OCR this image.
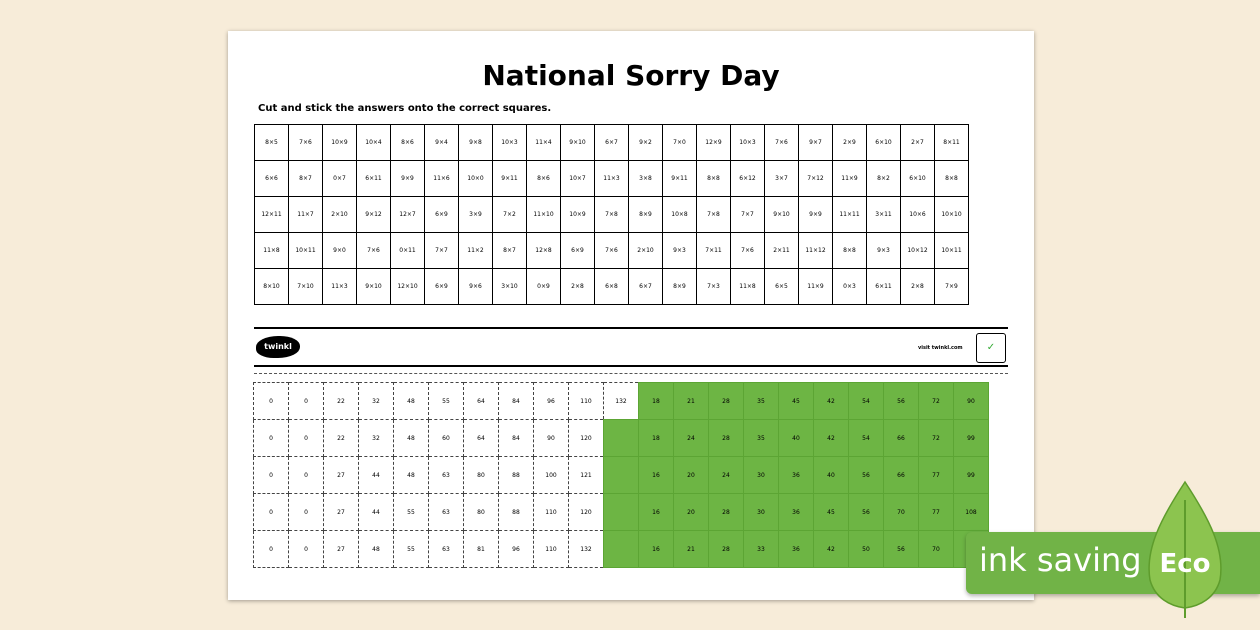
National Sorry Day
Cut and stick the answers onto the correct squares.
8×5	7×6	10×9	10×4	8×6	9×4	9×8	10×3	11×4	9×10	6×7	9×2	7×0	12×9	10×3	7×6	9×7	2×9	6×10	2×7	8×11
6×6	8×7	0×7	6×11	9×9	11×6	10×0	9×11	8×6	10×7	11×3	3×8	9×11	8×8	6×12	3×7	7×12	11×9	8×2	6×10	8×8
12×11	11×7	2×10	9×12	12×7	6×9	3×9	7×2	11×10	10×9	7×8	8×9	10×8	7×8	7×7	9×10	9×9	11×11	3×11	10×6	10×10
11×8	10×11	9×0	7×6	0×11	7×7	11×2	8×7	12×8	6×9	7×6	2×10	9×3	7×11	7×6	2×11	11×12	8×8	9×3	10×12	10×11
8×10	7×10	11×3	9×10	12×10	6×9	9×6	3×10	0×9	2×8	6×8	6×7	8×9	7×3	11×8	6×5	11×9	0×3	6×11	2×8	7×9
twinkl	visit twinkl.com	✓
0	0	22	32	48	55	64	84	96	110	132	18	21	28	35	45	42	54	56	72	90
0	0	22	32	48	60	64	84	90	120		18	24	28	35	40	42	54	66	72	99
0	0	27	44	48	63	80	88	100	121		16	20	24	30	36	40	56	66	77	99
0	0	27	44	55	63	80	88	110	120		16	20	28	30	36	45	56	70	77	108
0	0	27	48	55	63	81	96	110	132		16	21	28	33	36	42	50	56	70	ink saving Eco
